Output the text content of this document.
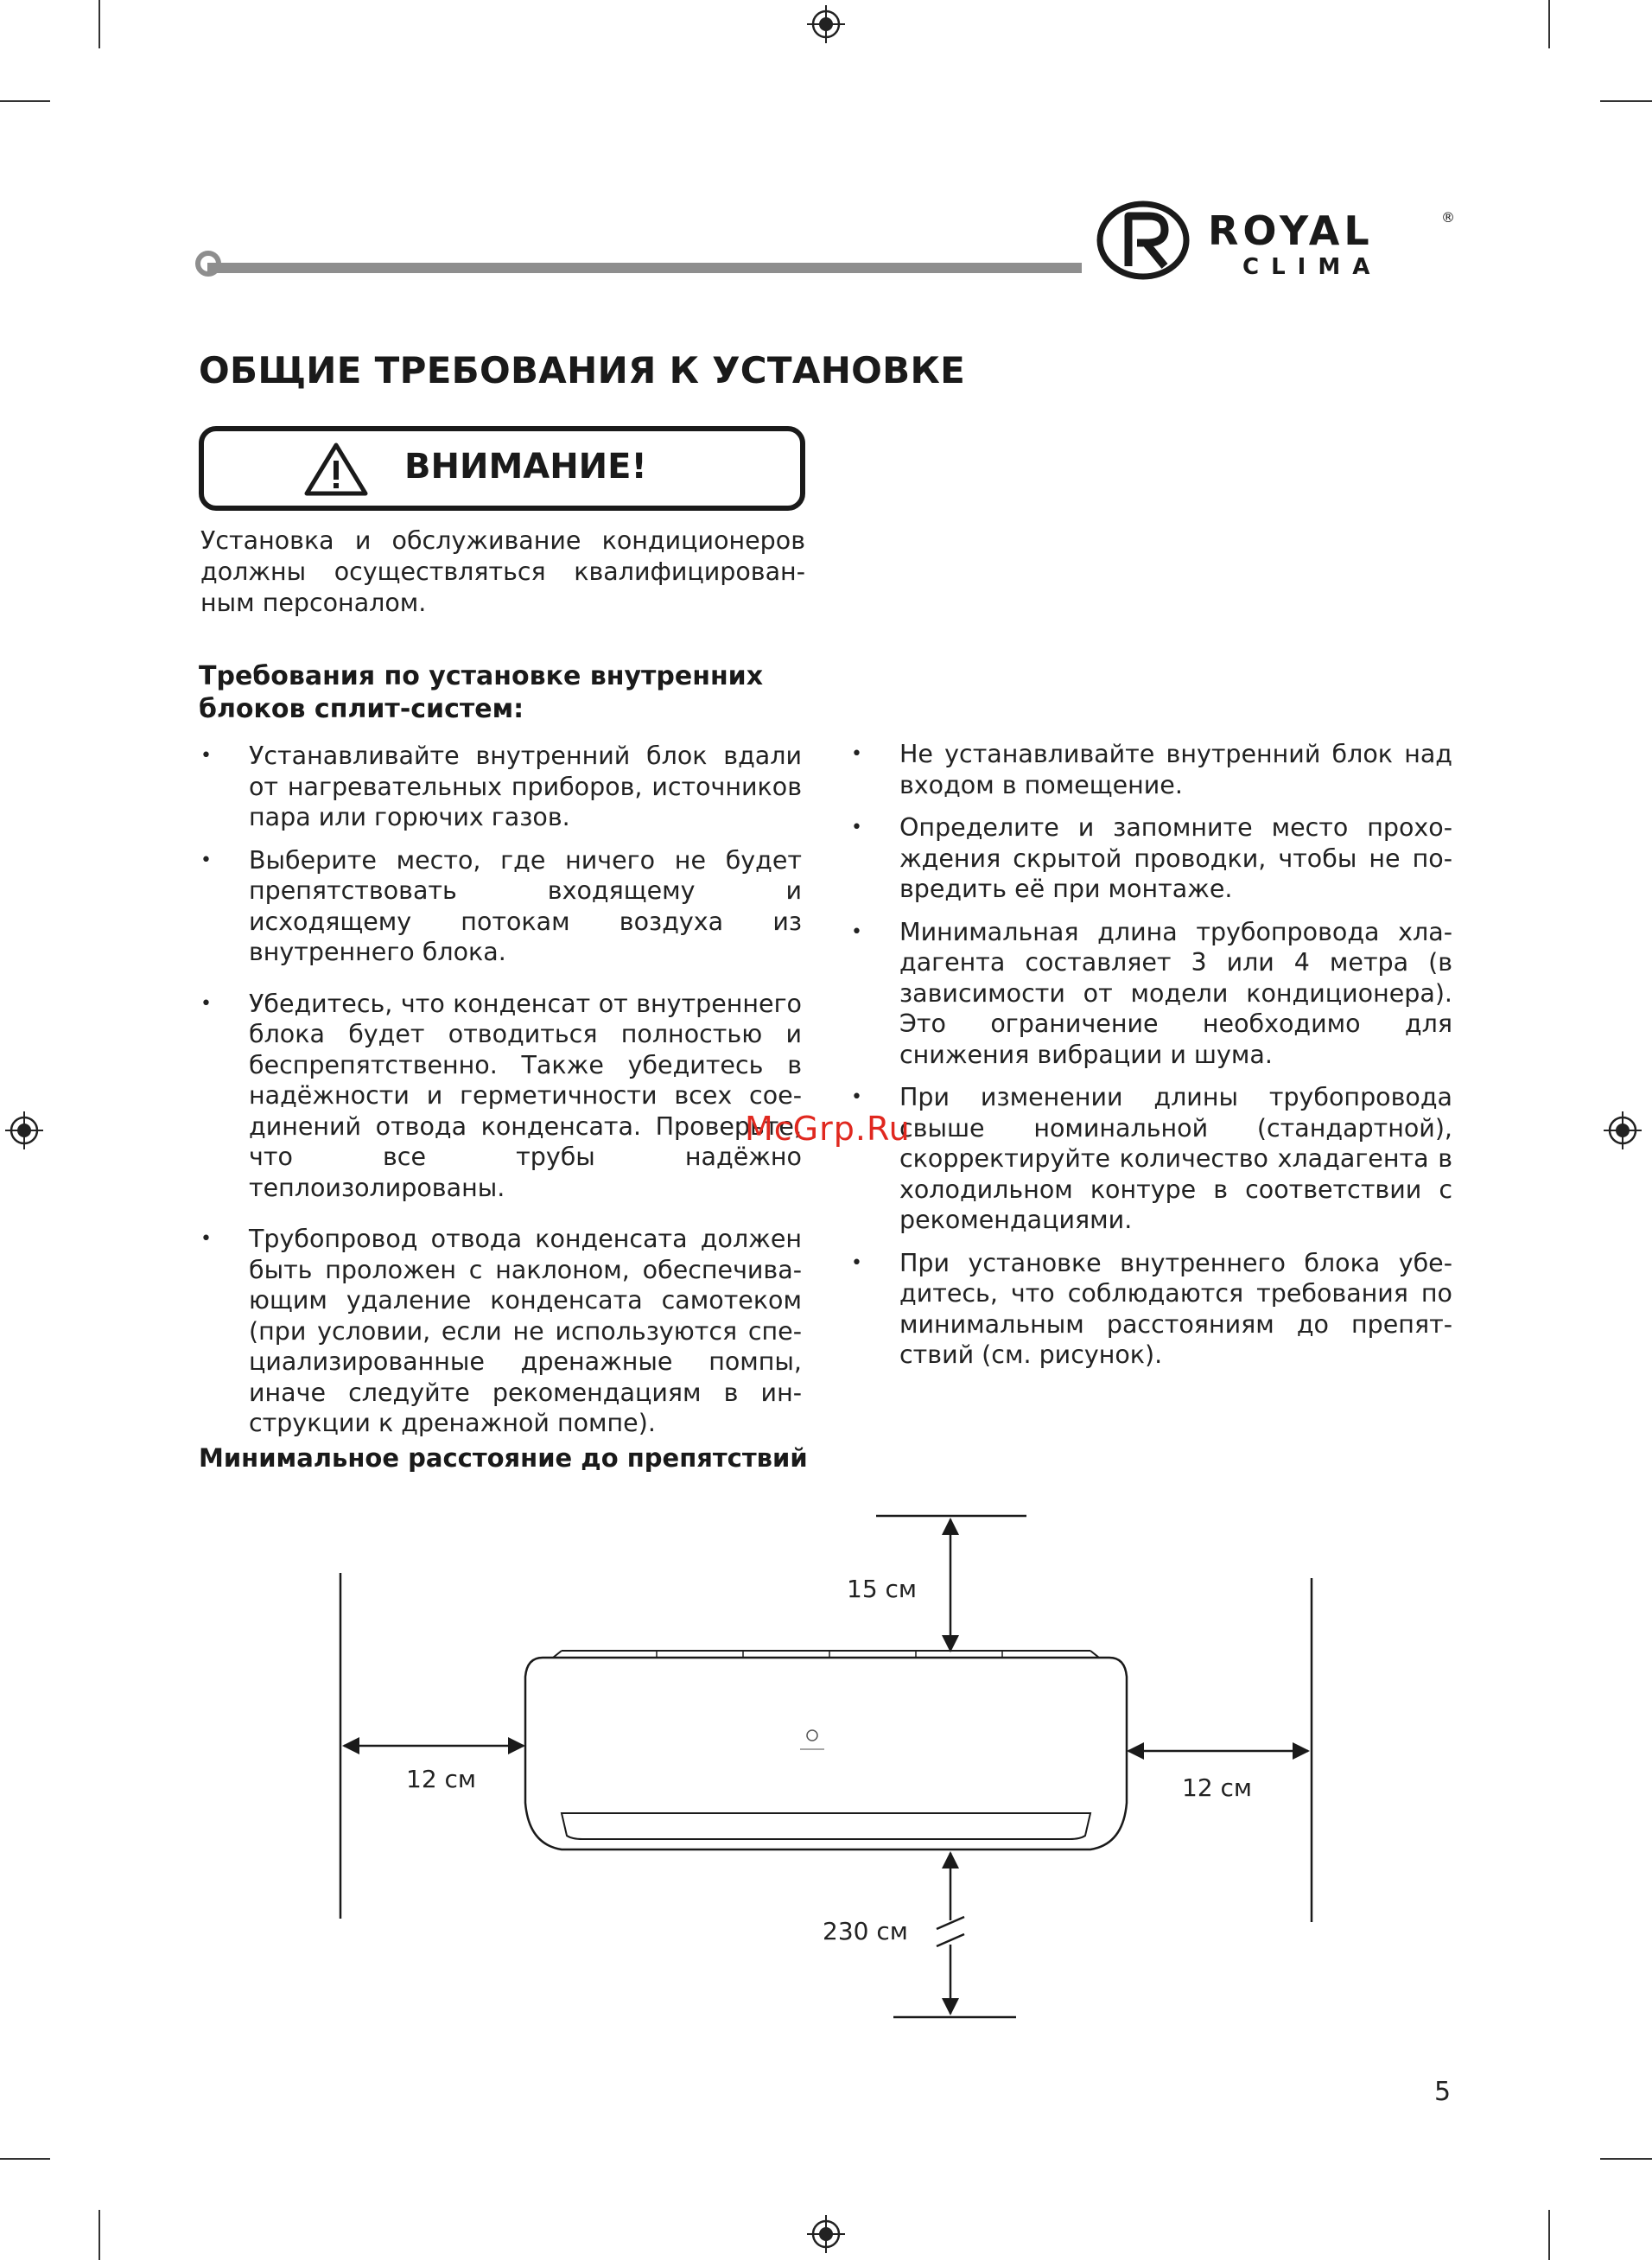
ROYAL	®
CLIMA
ОБЩИЕ ТРЕБОВАНИЯ К УСТАНОВКЕ
ВНИМАНИЕ!
Установка и обслуживание кондиционеров должны осуществляться квалифицированным персоналом.
Требования по установке внутренних блоков сплит-систем:
• Устанавливайте внутренний блок вдали от нагревательных приборов, источников пара или горючих газов.
• Выберите место, где ничего не будет препятствовать входящему и исходящему потокам воздуха из внутреннего блока.
• Убедитесь, что конденсат от внутреннего блока будет отводиться полностью и беспрепятственно. Также убедитесь в надёжности и герметичности всех соединений отвода конденсата. Проверьте, что все трубы надёжно теплоизолированы.
• Трубопровод отвода конденсата должен быть проложен с наклоном, обеспечивающим удаление конденсата самотеком (при условии, если не используются специализированные дренажные помпы, иначе следуйте рекомендациям в инструкции к дренажной помпе).
• Не устанавливайте внутренний блок над входом в помещение.
• Определите и запомните место прохождения скрытой проводки, чтобы не повредить её при монтаже.
• Минимальная длина трубопровода хладагента составляет 3 или 4 метра (в зависимости от модели кондиционера). Это ограничение необходимо для снижения вибрации и шума.
• При изменении длины трубопровода свыше номинальной (стандартной), скорректируйте количество хладагента в холодильном контуре в соответствии с рекомендациями.
• При установке внутреннего блока убедитесь, что соблюдаются требования по минимальным расстояниям до препятствий (см. рисунок).
McGrp.Ru
Минимальное расстояние до препятствий
15 см
12 см	12 см
230 см
5
